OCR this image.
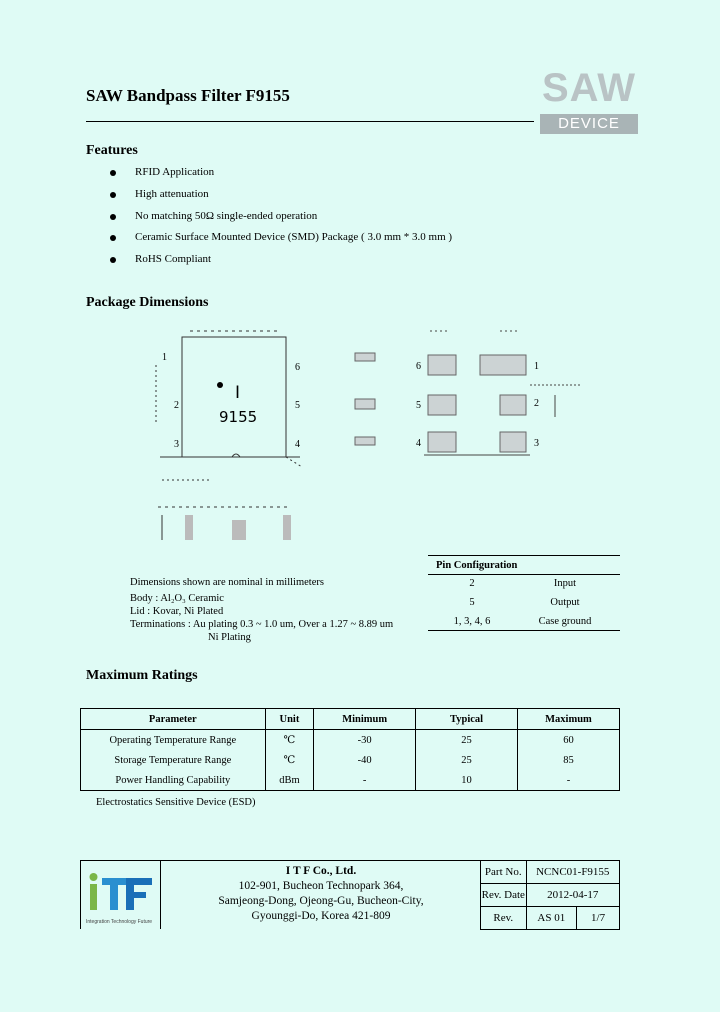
SAW Bandpass Filter F9155	SAW
DEVICE
Features
RFID Application
High attenuation
No matching 50Ω single-ended operation
Ceramic Surface Mounted Device (SMD) Package ( 3.0 mm * 3.0 mm )
RoHS Compliant
Package Dimensions
1
2
3
6
5
4
I
9155
6
5
4
1
2
3
Dimensions shown are nominal in millimeters
Body : Al₂O₃ Ceramic
Lid : Kovar, Ni Plated
Terminations : Au plating 0.3 ~ 1.0 um, Over a 1.27 ~ 8.89 um
Ni Plating
Pin Configuration
2	Input
5	Output
1, 3, 4, 6	Case ground
Maximum Ratings
Parameter	Unit	Minimum	Typical	Maximum
Operating Temperature Range	℃	-30	25	60
Storage Temperature Range	℃	-40	25	85
Power Handling Capability	dBm	-	10	-
Electrostatics Sensitive Device (ESD)
Integration Technology Future
I T F Co., Ltd.
102-901, Bucheon Technopark 364,
Samjeong-Dong, Ojeong-Gu, Bucheon-City,
Gyounggi-Do, Korea 421-809
Part No.	NCNC01-F9155	
Rev. Date	2012-04-17	
Rev.	AS 01	1/7
